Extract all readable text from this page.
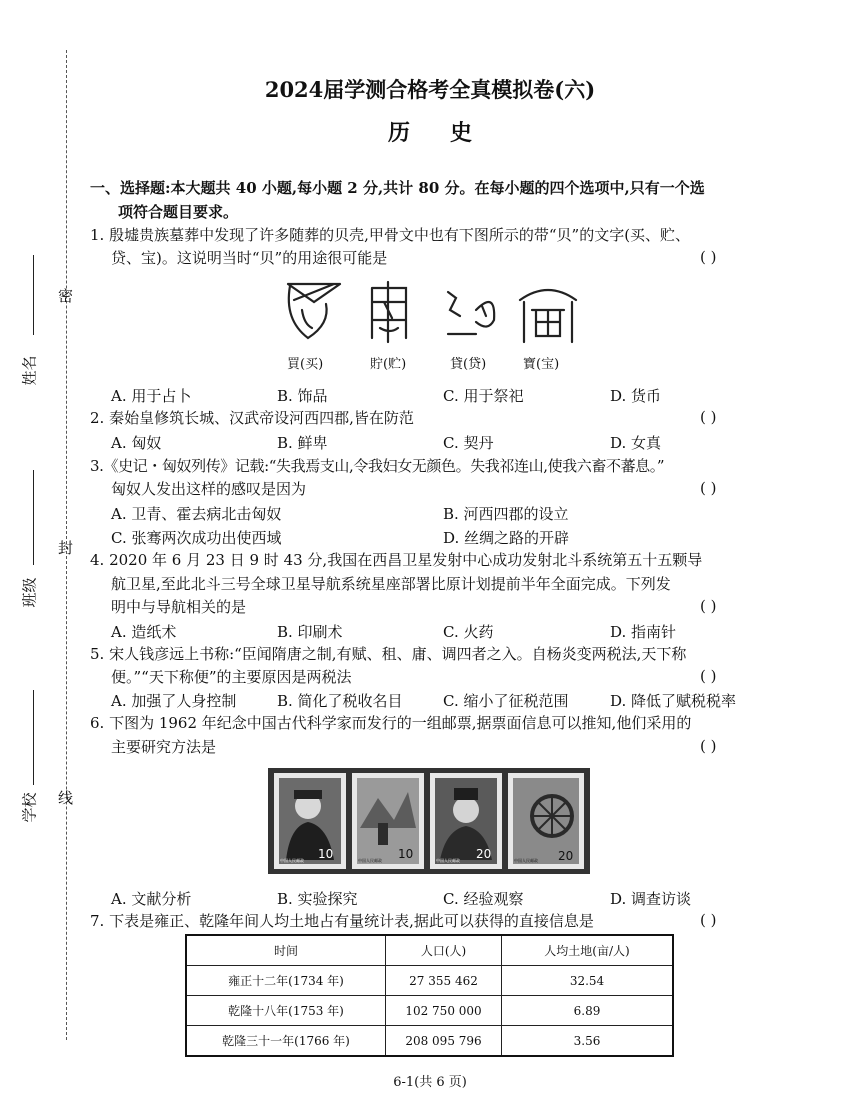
姓名
班级
学校
密
封
线
2024届学测合格考全真模拟卷(六)
历史
一、选择题:本大题共 40 小题,每小题 2 分,共计 80 分。在每小题的四个选项中,只有一个选
项符合题目要求。
1. 殷墟贵族墓葬中发现了许多随葬的贝壳,甲骨文中也有下图所示的带“贝”的文字(买、贮、
贷、宝)。这说明当时“贝”的用途很可能是	( )
買(买)	貯(贮)	貸(贷)	寶(宝)
A. 用于占卜	B. 饰品	C. 用于祭祀	D. 货币
2. 秦始皇修筑长城、汉武帝设河西四郡,皆在防范	( )
A. 匈奴	B. 鲜卑	C. 契丹	D. 女真
3.《史记・匈奴列传》记载:“失我焉支山,令我妇女无颜色。失我祁连山,使我六畜不蕃息。”
匈奴人发出这样的感叹是因为	( )
A. 卫青、霍去病北击匈奴	B. 河西四郡的设立
C. 张骞两次成功出使西域	D. 丝绸之路的开辟
4. 2020 年 6 月 23 日 9 时 43 分,我国在西昌卫星发射中心成功发射北斗系统第五十五颗导
航卫星,至此北斗三号全球卫星导航系统星座部署比原计划提前半年全面完成。下列发
明中与导航相关的是	( )
A. 造纸术	B. 印刷术	C. 火药	D. 指南针
5. 宋人钱彦远上书称:“臣闻隋唐之制,有赋、租、庸、调四者之入。自杨炎变两税法,天下称
便。”“天下称便”的主要原因是两税法	( )
A. 加强了人身控制	B. 简化了税收名目	C. 缩小了征税范围	D. 降低了赋税税率
6. 下图为 1962 年纪念中国古代科学家而发行的一组邮票,据票面信息可以推知,他们采用的
主要研究方法是	( )
10
中国人民邮政	10
中国人民邮政	20
中国人民邮政	20
中国人民邮政
A. 文献分析	B. 实验探究	C. 经验观察	D. 调查访谈
7. 下表是雍正、乾隆年间人均土地占有量统计表,据此可以获得的直接信息是	( )
时间	人口(人)	人均土地(亩/人)
雍正十二年(1734 年)	27 355 462	32.54
乾隆十八年(1753 年)	102 750 000	6.89
乾隆三十一年(1766 年)	208 095 796	3.56
6-1(共 6 页)
